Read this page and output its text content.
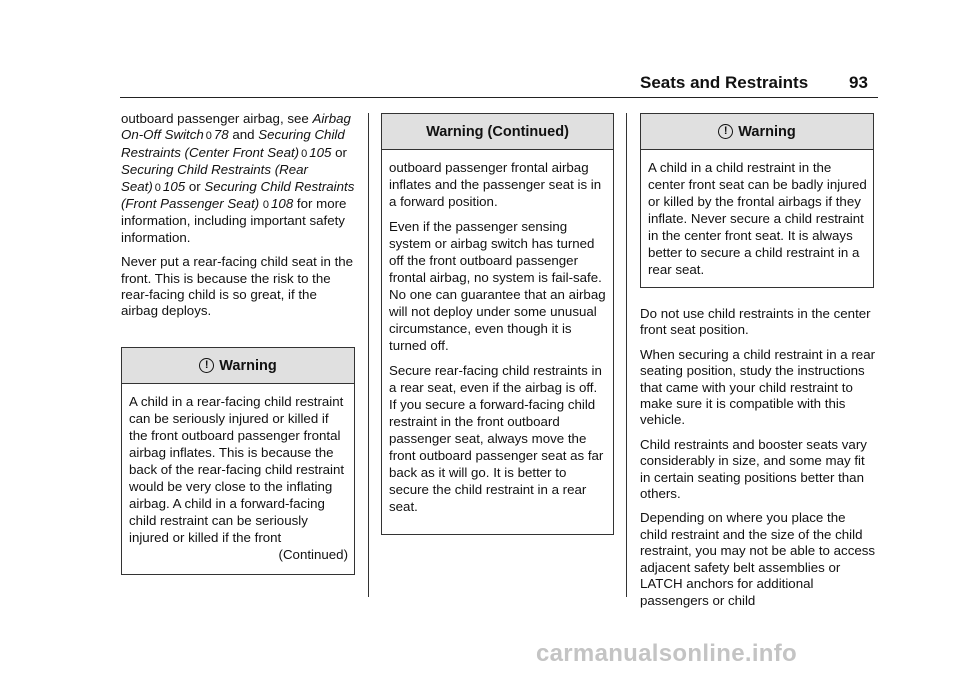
Seats and Restraints 93

outboard passenger airbag, see Airbag On-Off Switch 0 78 and Securing Child Restraints (Center Front Seat) 0 105 or Securing Child Restraints (Rear Seat) 0 105 or Securing Child Restraints (Front Passenger Seat) 0 108 for more information, including important safety information.

Never put a rear-facing child seat in the front. This is because the risk to the rear-facing child is so great, if the airbag deploys.

! Warning
A child in a rear-facing child restraint can be seriously injured or killed if the front outboard passenger frontal airbag inflates. This is because the back of the rear-facing child restraint would be very close to the inflating airbag. A child in a forward-facing child restraint can be seriously injured or killed if the front
(Continued)
Warning (Continued)

outboard passenger frontal airbag inflates and the passenger seat is in a forward position.

Even if the passenger sensing system or airbag switch has turned off the front outboard passenger frontal airbag, no system is fail-safe. No one can guarantee that an airbag will not deploy under some unusual circumstance, even though it is turned off.

Secure rear-facing child restraints in a rear seat, even if the airbag is off. If you secure a forward-facing child restraint in the front outboard passenger seat, always move the front outboard passenger seat as far back as it will go. It is better to secure the child restraint in a rear seat.

! Warning
A child in a child restraint in the center front seat can be badly injured or killed by the frontal airbags if they inflate. Never secure a child restraint in the center front seat. It is always better to secure a child restraint in a rear seat.

Do not use child restraints in the center front seat position.

When securing a child restraint in a rear seating position, study the instructions that came with your child restraint to make sure it is compatible with this vehicle.

Child restraints and booster seats vary considerably in size, and some may fit in certain seating positions better than others.

Depending on where you place the child restraint and the size of the child restraint, you may not be able to access adjacent safety belt assemblies or LATCH anchors for additional passengers or child

carmanualsonline.info
